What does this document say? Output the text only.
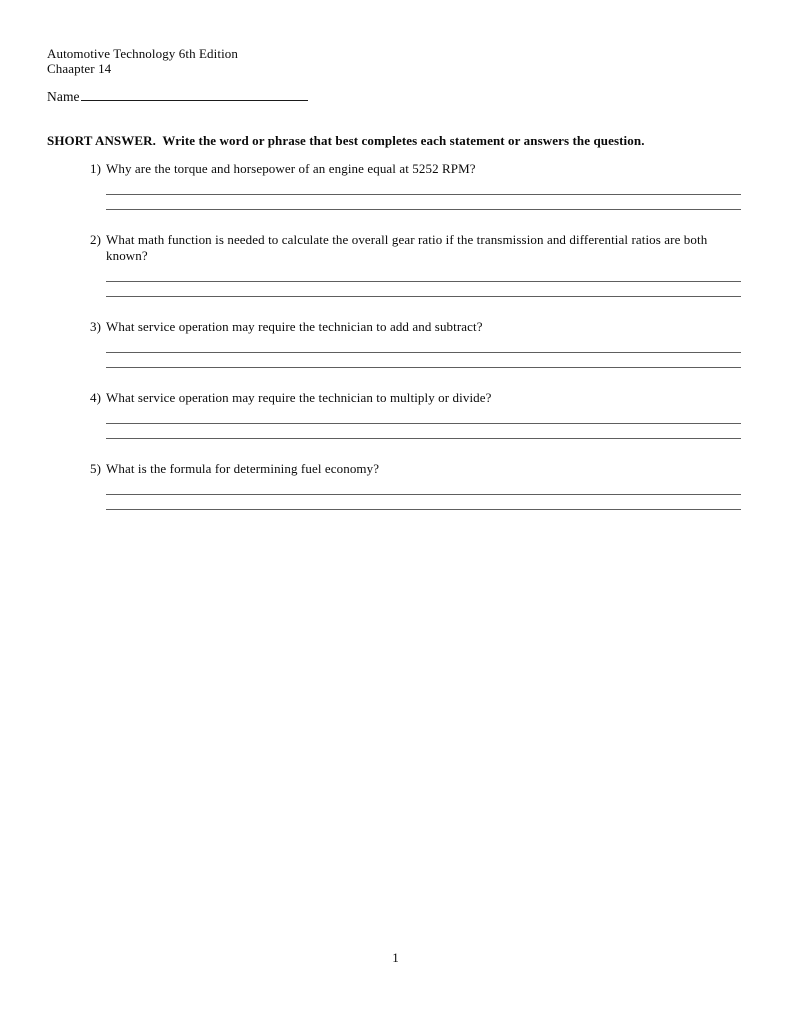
Automotive Technology 6th Edition
Chaapter 14
Name
SHORT ANSWER.  Write the word or phrase that best completes each statement or answers the question.
1) Why are the torque and horsepower of an engine equal at 5252 RPM?
2) What math function is needed to calculate the overall gear ratio if the transmission and differential ratios are both known?
3) What service operation may require the technician to add and subtract?
4) What service operation may require the technician to multiply or divide?
5) What is the formula for determining fuel economy?
1
